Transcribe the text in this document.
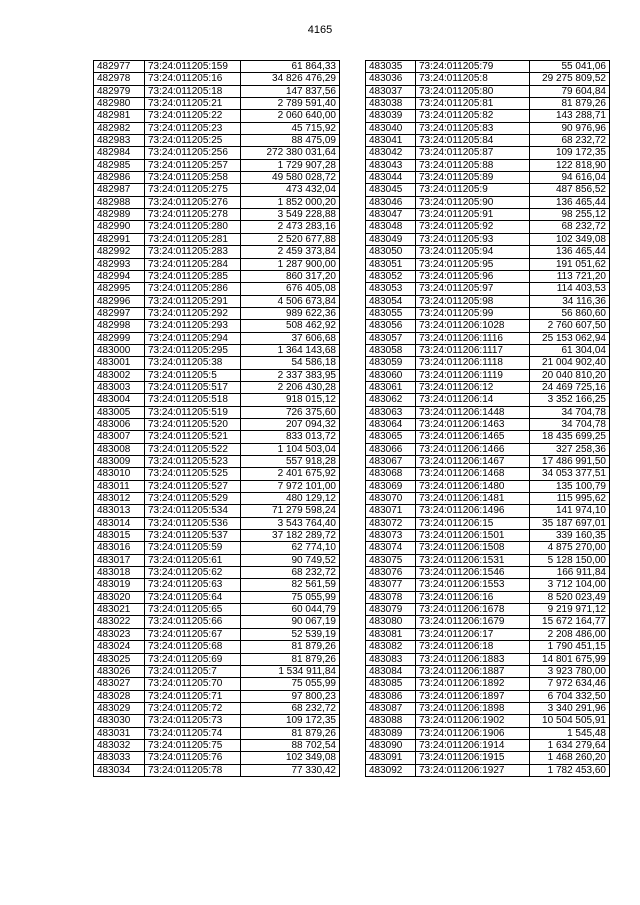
4165
482977	73:24:011205:159	61 864,33
482978	73:24:011205:16	34 826 476,29
482979	73:24:011205:18	147 837,56
482980	73:24:011205:21	2 789 591,40
482981	73:24:011205:22	2 060 640,00
482982	73:24:011205:23	45 715,92
482983	73:24:011205:25	88 475,09
482984	73:24:011205:256	272 380 031,64
482985	73:24:011205:257	1 729 907,28
482986	73:24:011205:258	49 580 028,72
482987	73:24:011205:275	473 432,04
482988	73:24:011205:276	1 852 000,20
482989	73:24:011205:278	3 549 228,88
482990	73:24:011205:280	2 473 283,16
482991	73:24:011205:281	2 520 677,88
482992	73:24:011205:283	2 459 373,84
482993	73:24:011205:284	1 287 900,00
482994	73:24:011205:285	860 317,20
482995	73:24:011205:286	676 405,08
482996	73:24:011205:291	4 506 673,84
482997	73:24:011205:292	989 622,36
482998	73:24:011205:293	508 462,92
482999	73:24:011205:294	37 606,68
483000	73:24:011205:295	1 364 143,68
483001	73:24:011205:38	54 586,18
483002	73:24:011205:5	2 337 383,95
483003	73:24:011205:517	2 206 430,28
483004	73:24:011205:518	918 015,12
483005	73:24:011205:519	726 375,60
483006	73:24:011205:520	207 094,32
483007	73:24:011205:521	833 013,72
483008	73:24:011205:522	1 104 503,04
483009	73:24:011205:523	557 918,28
483010	73:24:011205:525	2 401 675,92
483011	73:24:011205:527	7 972 101,00
483012	73:24:011205:529	480 129,12
483013	73:24:011205:534	71 279 598,24
483014	73:24:011205:536	3 543 764,40
483015	73:24:011205:537	37 182 289,72
483016	73:24:011205:59	62 774,10
483017	73:24:011205:61	90 749,52
483018	73:24:011205:62	68 232,72
483019	73:24:011205:63	82 561,59
483020	73:24:011205:64	75 055,99
483021	73:24:011205:65	60 044,79
483022	73:24:011205:66	90 067,19
483023	73:24:011205:67	52 539,19
483024	73:24:011205:68	81 879,26
483025	73:24:011205:69	81 879,26
483026	73:24:011205:7	1 534 911,84
483027	73:24:011205:70	75 055,99
483028	73:24:011205:71	97 800,23
483029	73:24:011205:72	68 232,72
483030	73:24:011205:73	109 172,35
483031	73:24:011205:74	81 879,26
483032	73:24:011205:75	88 702,54
483033	73:24:011205:76	102 349,08
483034	73:24:011205:78	77 330,42
483035	73:24:011205:79	55 041,06
483036	73:24:011205:8	29 275 809,52
483037	73:24:011205:80	79 604,84
483038	73:24:011205:81	81 879,26
483039	73:24:011205:82	143 288,71
483040	73:24:011205:83	90 976,96
483041	73:24:011205:84	68 232,72
483042	73:24:011205:87	109 172,35
483043	73:24:011205:88	122 818,90
483044	73:24:011205:89	94 616,04
483045	73:24:011205:9	487 856,52
483046	73:24:011205:90	136 465,44
483047	73:24:011205:91	98 255,12
483048	73:24:011205:92	68 232,72
483049	73:24:011205:93	102 349,08
483050	73:24:011205:94	136 465,44
483051	73:24:011205:95	191 051,62
483052	73:24:011205:96	113 721,20
483053	73:24:011205:97	114 403,53
483054	73:24:011205:98	34 116,36
483055	73:24:011205:99	56 860,60
483056	73:24:011206:1028	2 760 607,50
483057	73:24:011206:1116	25 153 062,94
483058	73:24:011206:1117	61 304,04
483059	73:24:011206:1118	21 004 902,40
483060	73:24:011206:1119	20 040 810,20
483061	73:24:011206:12	24 469 725,16
483062	73:24:011206:14	3 352 166,25
483063	73:24:011206:1448	34 704,78
483064	73:24:011206:1463	34 704,78
483065	73:24:011206:1465	18 435 699,25
483066	73:24:011206:1466	327 258,36
483067	73:24:011206:1467	17 486 991,50
483068	73:24:011206:1468	34 053 377,51
483069	73:24:011206:1480	135 100,79
483070	73:24:011206:1481	115 995,62
483071	73:24:011206:1496	141 974,10
483072	73:24:011206:15	35 187 697,01
483073	73:24:011206:1501	339 160,35
483074	73:24:011206:1508	4 875 270,00
483075	73:24:011206:1531	5 128 150,00
483076	73:24:011206:1546	166 911,84
483077	73:24:011206:1553	3 712 104,00
483078	73:24:011206:16	8 520 023,49
483079	73:24:011206:1678	9 219 971,12
483080	73:24:011206:1679	15 672 164,77
483081	73:24:011206:17	2 208 486,00
483082	73:24:011206:18	1 790 451,15
483083	73:24:011206:1883	14 801 675,99
483084	73:24:011206:1887	3 923 780,00
483085	73:24:011206:1892	7 972 634,46
483086	73:24:011206:1897	6 704 332,50
483087	73:24:011206:1898	3 340 291,96
483088	73:24:011206:1902	10 504 505,91
483089	73:24:011206:1906	1 545,48
483090	73:24:011206:1914	1 634 279,64
483091	73:24:011206:1915	1 468 260,20
483092	73:24:011206:1927	1 782 453,60
